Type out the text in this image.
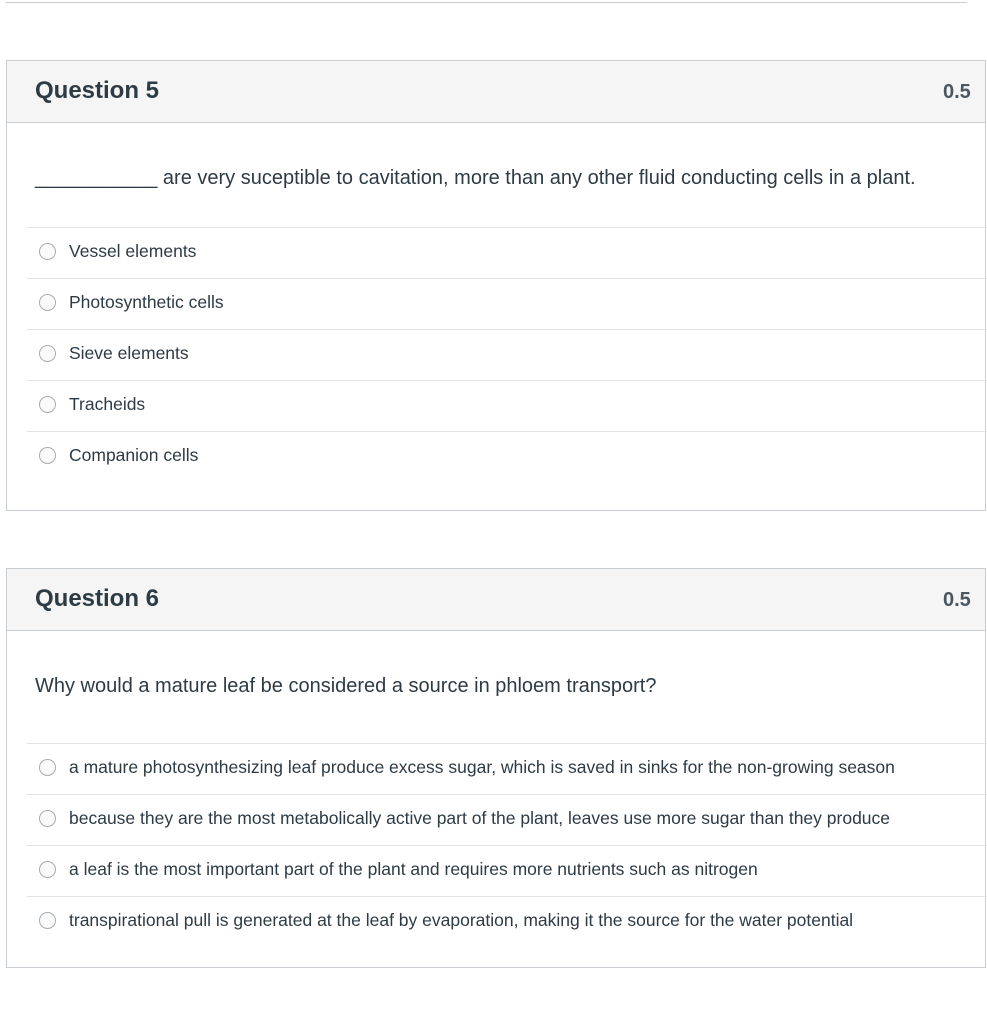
Question 5	0.5
___________ are very suceptible to cavitation, more than any other fluid conducting cells in a plant.
Vessel elements
Photosynthetic cells
Sieve elements
Tracheids
Companion cells
Question 6	0.5
Why would a mature leaf be considered a source in phloem transport?
a mature photosynthesizing leaf produce excess sugar, which is saved in sinks for the non-growing season
because they are the most metabolically active part of the plant, leaves use more sugar than they produce
a leaf is the most important part of the plant and requires more nutrients such as nitrogen
transpirational pull is generated at the leaf by evaporation, making it the source for the water potential
